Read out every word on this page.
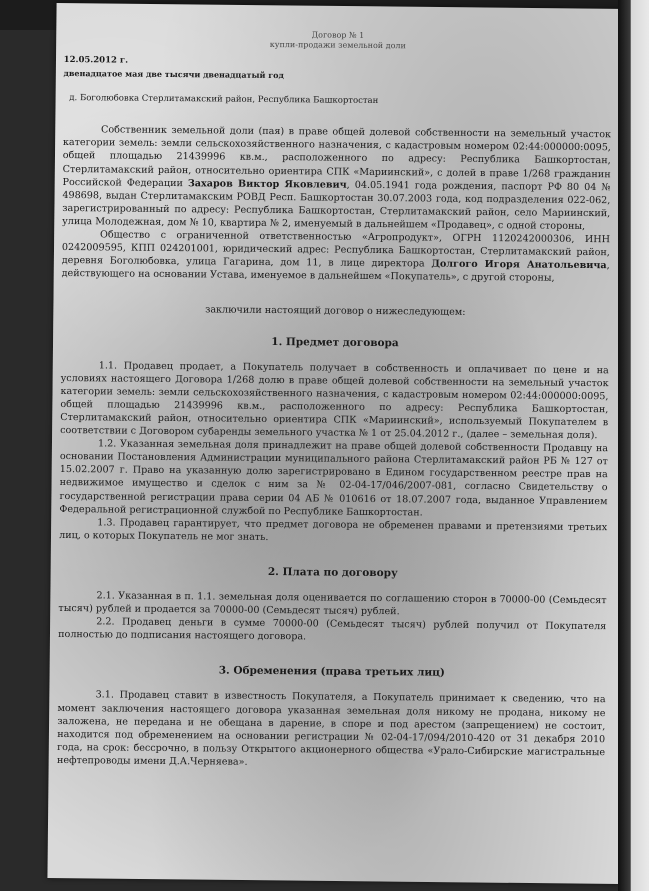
Договор № 1
купли-продажи земельной доли
12.05.2012 г.
двенадцатое мая две тысячи двенадцатый год
д. Боголюбовка Стерлитамакский район, Республика Башкортостан

Собственник земельной доли (пая) в праве общей долевой собственности на земельный участок категории земель: земли сельскохозяйственного назначения, с кадастровым номером 02:44:000000:0095, общей площадью 21439996 кв.м., расположенного по адресу: Республика Башкортостан, Стерлитамакский район, относительно ориентира СПК «Мариинский», с долей в праве 1/268 гражданин Российской Федерации Захаров Виктор Яковлевич, 04.05.1941 года рождения, паспорт РФ 80 04 № 498698, выдан Стерлитамакским РОВД Респ. Башкортостан 30.07.2003 года, код подразделения 022-062, зарегистрированный по адресу: Республика Башкортостан, Стерлитамакский район, село Мариинский, улица Молодежная, дом № 10, квартира № 2, именуемый в дальнейшем «Продавец», с одной стороны,

Общество с ограниченной ответственностью «Агропродукт», ОГРН 1120242000306, ИНН 0242009595, КПП 024201001, юридический адрес: Республика Башкортостан, Стерлитамакский район, деревня Боголюбовка, улица Гагарина, дом 11, в лице директора Долгого Игоря Анатольевича, действующего на основании Устава, именуемое в дальнейшем «Покупатель», с другой стороны,

заключили настоящий договор о нижеследующем:
1. Предмет договора

1.1. Продавец продает, а Покупатель получает в собственность и оплачивает по цене и на условиях настоящего Договора 1/268 долю в праве общей долевой собственности на земельный участок категории земель: земли сельскохозяйственного назначения, с кадастровым номером 02:44:000000:0095, общей площадью 21439996 кв.м., расположенного по адресу: Республика Башкортостан, Стерлитамакский район, относительно ориентира СПК «Мариинский», используемый Покупателем в соответствии с Договором субаренды земельного участка № 1 от 25.04.2012 г., (далее – земельная доля).

1.2. Указанная земельная доля принадлежит на праве общей долевой собственности Продавцу на основании Постановления Администрации муниципального района Стерлитамакский район РБ № 127 от 15.02.2007 г. Право на указанную долю зарегистрировано в Едином государственном реестре прав на недвижимое имущество и сделок с ним за № 02-04-17/046/2007-081, согласно Свидетельству о государственной регистрации права серии 04 АБ № 010616 от 18.07.2007 года, выданное Управлением Федеральной регистрационной службой по Республике Башкортостан.

1.3. Продавец гарантирует, что предмет договора не обременен правами и претензиями третьих лиц, о которых Покупатель не мог знать.

2. Плата по договору

2.1. Указанная в п. 1.1. земельная доля оценивается по соглашению сторон в 70000-00 (Семьдесят тысяч) рублей и продается за 70000-00 (Семьдесят тысяч) рублей.

2.2. Продавец деньги в сумме 70000-00 (Семьдесят тысяч) рублей получил от Покупателя полностью до подписания настоящего договора.

3. Обременения (права третьих лиц)

3.1. Продавец ставит в известность Покупателя, а Покупатель принимает к сведению, что на момент заключения настоящего договора указанная земельная доля никому не продана, никому не заложена, не передана и не обещана в дарение, в споре и под арестом (запрещением) не состоит, находится под обременением на основании регистрации № 02-04-17/094/2010-420 от 31 декабря 2010 года, на срок: бессрочно, в пользу Открытого акционерного общества «Урало-Сибирские магистральные нефтепроводы имени Д.А.Черняева».
